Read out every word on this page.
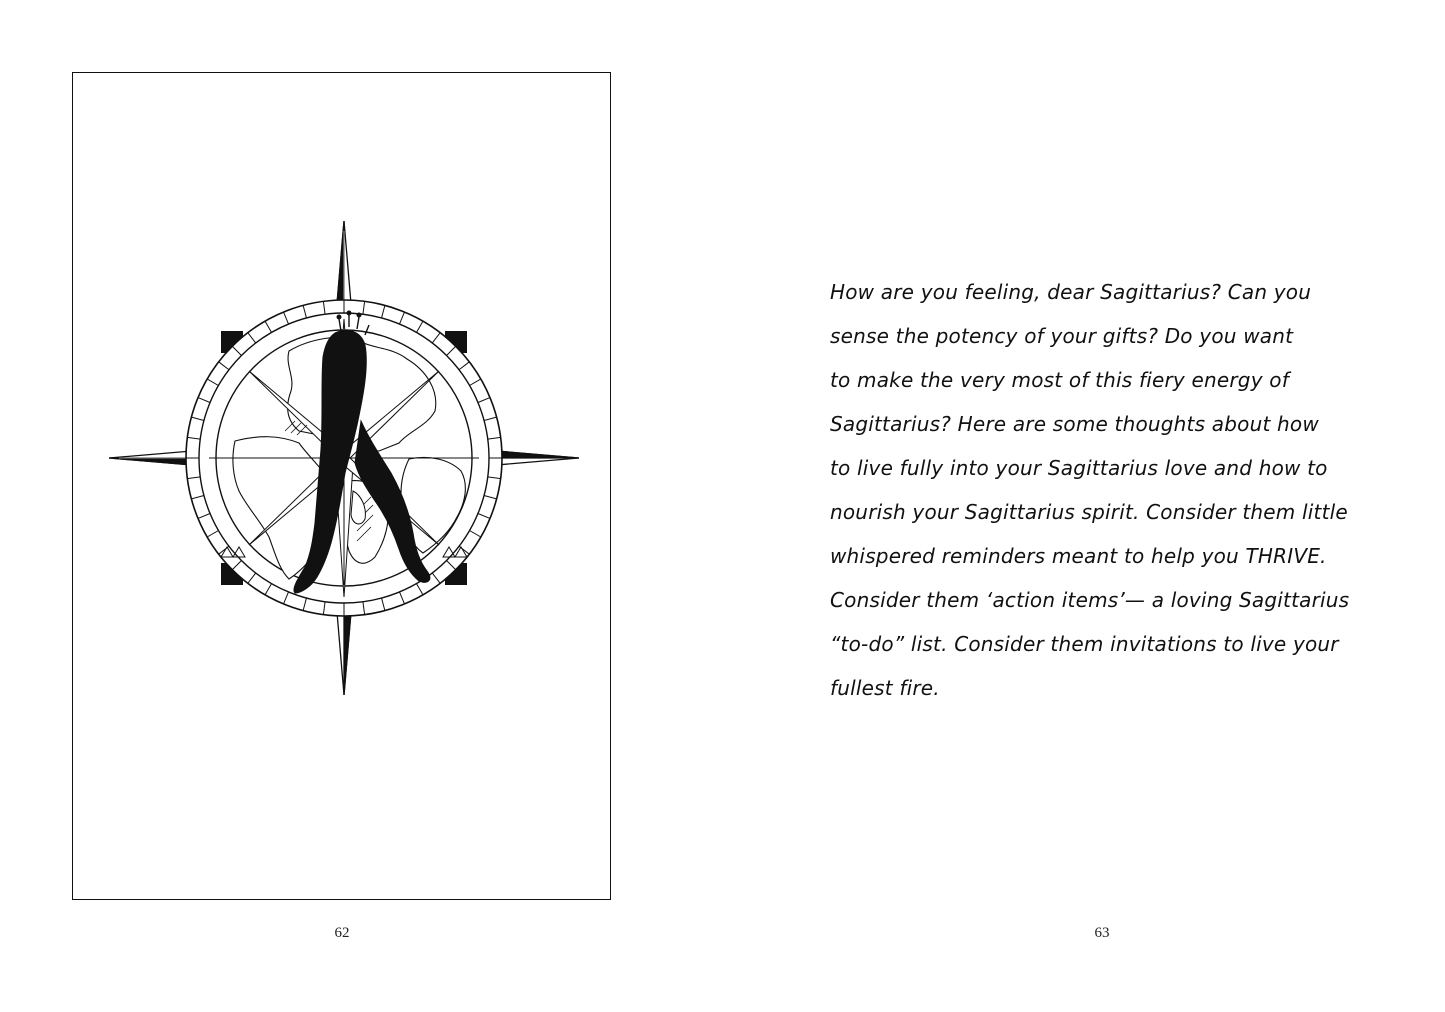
62

How are you feeling, dear Sagittarius? Can you
sense the potency of your gifts? Do you want
to make the very most of this fiery energy of
Sagittarius? Here are some thoughts about how
to live fully into your Sagittarius love and how to
nourish your Sagittarius spirit. Consider them little
whispered reminders meant to help you THRIVE.
Consider them ‘action items’— a loving Sagittarius
“to-do” list. Consider them invitations to live your
fullest fire.

63
